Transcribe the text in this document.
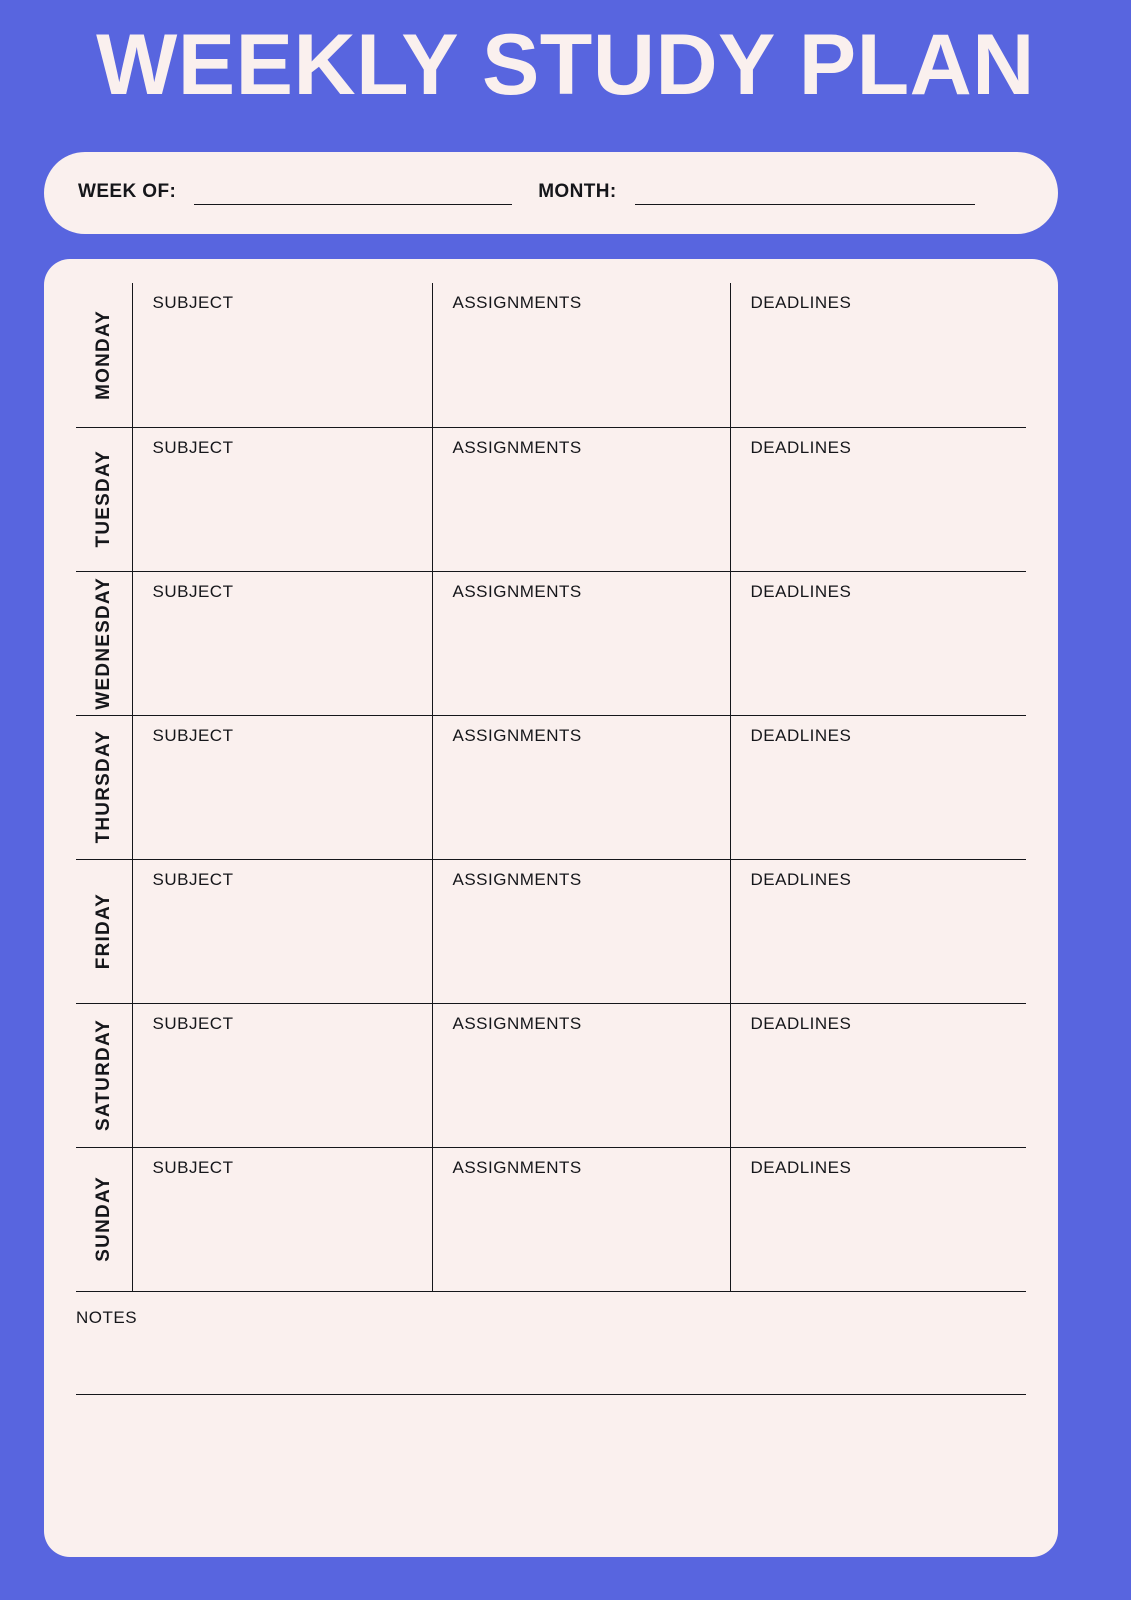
WEEKLY STUDY PLAN
WEEK OF:	MONTH:
MONDAY	SUBJECT	ASSIGNMENTS	DEADLINES

TUESDAY	SUBJECT	ASSIGNMENTS	DEADLINES

WEDNESDAY	SUBJECT	ASSIGNMENTS	DEADLINES

THURSDAY	SUBJECT	ASSIGNMENTS	DEADLINES

FRIDAY	SUBJECT	ASSIGNMENTS	DEADLINES

SATURDAY	SUBJECT	ASSIGNMENTS	DEADLINES

SUNDAY	SUBJECT	ASSIGNMENTS	DEADLINES
NOTES
